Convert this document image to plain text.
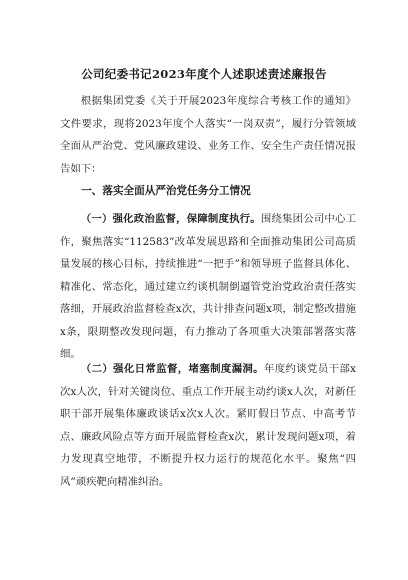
公司纪委书记2023年度个人述职述责述廉报告
根据集团党委《关于开展2023年度综合考核工作的通知》文件要求，现将2023年度个人落实“一岗双责”，履行分管领域全面从严治党、党风廉政建设、业务工作、安全生产责任情况报告如下：
一、落实全面从严治党任务分工情况
（一）强化政治监督，保障制度执行。围绕集团公司中心工作，聚焦落实“112583”改革发展思路和全面推动集团公司高质量发展的核心目标，持续推进“一把手”和领导班子监督具体化、精准化、常态化，通过建立约谈机制倒逼管党治党政治责任落实落细，开展政治监督检查x次，共计排查问题x项，制定整改措施x条，限期整改发现问题，有力推动了各项重大决策部署落实落细。
（二）强化日常监督，堵塞制度漏洞。年度约谈党员干部x次x人次，针对关键岗位、重点工作开展主动约谈x人次，对新任职干部开展集体廉政谈话x次x人次。紧盯假日节点、中高考节点、廉政风险点等方面开展监督检查x次，累计发现问题x项，着力发现真空地带，不断提升权力运行的规范化水平。聚焦“四风”顽疾靶向精准纠治。
